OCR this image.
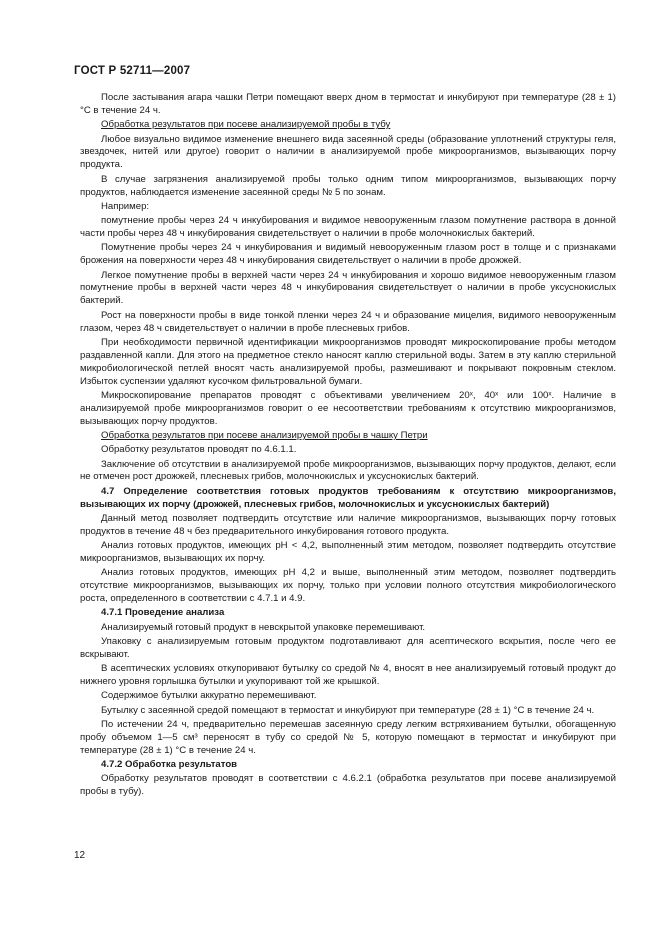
ГОСТ Р 52711—2007

После застывания агара чашки Петри помещают вверх дном в термостат и инкубируют при температуре (28 ± 1) °С в течение 24 ч.

Обработка результатов при посеве анализируемой пробы в тубу

Любое визуально видимое изменение внешнего вида засеянной среды (образование уплотнений структуры геля, звездочек, нитей или другое) говорит о наличии в анализируемой пробе микроорганизмов, вызывающих порчу продукта.

В случае загрязнения анализируемой пробы только одним типом микроорганизмов, вызывающих порчу продуктов, наблюдается изменение засеянной среды № 5 по зонам.

Например:

помутнение пробы через 24 ч инкубирования и видимое невооруженным глазом помутнение раствора в донной части пробы через 48 ч инкубирования свидетельствует о наличии в пробе молочнокислых бактерий.

Помутнение пробы через 24 ч инкубирования и видимый невооруженным глазом рост в толще и с признаками брожения на поверхности через 48 ч инкубирования свидетельствует о наличии в пробе дрожжей.

Легкое помутнение пробы в верхней части через 24 ч инкубирования и хорошо видимое невооруженным глазом помутнение пробы в верхней части через 48 ч инкубирования свидетельствует о наличии в пробе уксуснокислых бактерий.

Рост на поверхности пробы в виде тонкой пленки через 24 ч и образование мицелия, видимого невооруженным глазом, через 48 ч свидетельствует о наличии в пробе плесневых грибов.

При необходимости первичной идентификации микроорганизмов проводят микроскопирование пробы методом раздавленной капли. Для этого на предметное стекло наносят каплю стерильной воды. Затем в эту каплю стерильной микробиологической петлей вносят часть анализируемой пробы, размешивают и покрывают покровным стеклом. Избыток суспензии удаляют кусочком фильтровальной бумаги.

Микроскопирование препаратов проводят с объективами увеличением 20ˣ, 40ˣ или 100ˣ. Наличие в анализируемой пробе микроорганизмов говорит о ее несоответствии требованиям к отсутствию микроорганизмов, вызывающих порчу продуктов.

Обработка результатов при посеве анализируемой пробы в чашку Петри

Обработку результатов проводят по 4.6.1.1.

Заключение об отсутствии в анализируемой пробе микроорганизмов, вызывающих порчу продуктов, делают, если не отмечен рост дрожжей, плесневых грибов, молочнокислых и уксуснокислых бактерий.

4.7 Определение соответствия готовых продуктов требованиям к отсутствию микроорганизмов, вызывающих их порчу (дрожжей, плесневых грибов, молочнокислых и уксуснокислых бактерий)

Данный метод позволяет подтвердить отсутствие или наличие микроорганизмов, вызывающих порчу готовых продуктов в течение 48 ч без предварительного инкубирования готового продукта.

Анализ готовых продуктов, имеющих рН < 4,2, выполненный этим методом, позволяет подтвердить отсутствие микроорганизмов, вызывающих их порчу.

Анализ готовых продуктов, имеющих рН 4,2 и выше, выполненный этим методом, позволяет подтвердить отсутствие микроорганизмов, вызывающих их порчу, только при условии полного отсутствия микробиологического роста, определенного в соответствии с 4.7.1 и 4.9.

4.7.1 Проведение анализа

Анализируемый готовый продукт в невскрытой упаковке перемешивают.

Упаковку с анализируемым готовым продуктом подготавливают для асептического вскрытия, после чего ее вскрывают.

В асептических условиях откупоривают бутылку со средой № 4, вносят в нее анализируемый готовый продукт до нижнего уровня горлышка бутылки и укупоривают той же крышкой.

Содержимое бутылки аккуратно перемешивают.

Бутылку с засеянной средой помещают в термостат и инкубируют при температуре (28 ± 1) °С в течение 24 ч.

По истечении 24 ч, предварительно перемешав засеянную среду легким встряхиванием бутылки, обогащенную пробу объемом 1—5 см³ переносят в тубу со средой № 5, которую помещают в термостат и инкубируют при температуре (28 ± 1) °С в течение 24 ч.

4.7.2 Обработка результатов

Обработку результатов проводят в соответствии с 4.6.2.1 (обработка результатов при посеве анализируемой пробы в тубу).

12
